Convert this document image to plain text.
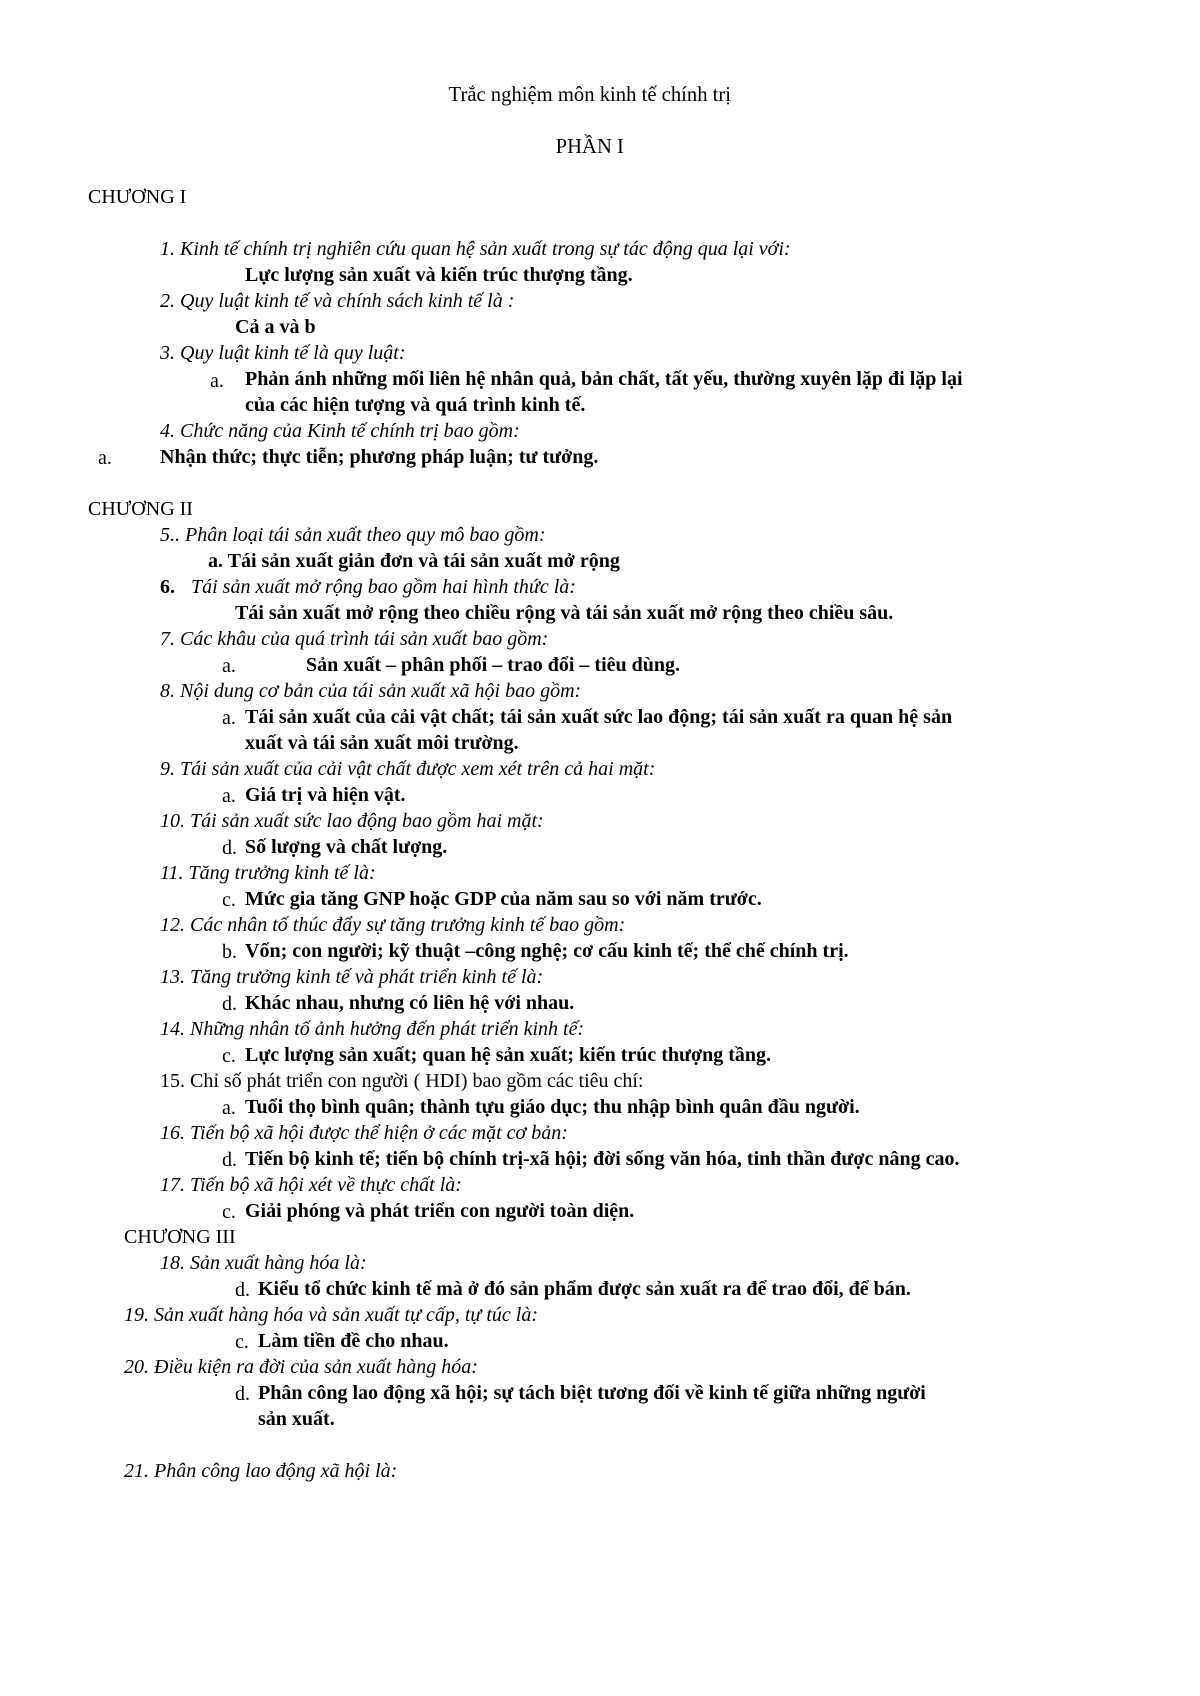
Trắc nghiệm môn kinh tế chính trị
PHẦN I
CHƯƠNG I
1. Kinh tế chính trị nghiên cứu quan hệ sản xuất trong sự tác động qua lại với:
Lực lượng sản xuất và kiến trúc thượng tầng.
2. Quy luật kinh tế và chính sách kinh tế là :
Cả a và b
3. Quy luật kinh tế là quy luật:
a. Phản ánh những mối liên hệ nhân quả, bản chất, tất yếu, thường xuyên lặp đi lặp lại
của các hiện tượng và quá trình kinh tế.
4. Chức năng của Kinh tế chính trị bao gồm:
a. Nhận thức; thực tiễn; phương pháp luận; tư tưởng.
CHƯƠNG II
5.. Phân loại tái sản xuất theo quy mô bao gồm:
a. Tái sản xuất giản đơn và tái sản xuất mở rộng
6. Tái sản xuất mở rộng bao gồm hai hình thức là:
Tái sản xuất mở rộng theo chiều rộng và tái sản xuất mở rộng theo chiều sâu.
7. Các khâu của quá trình tái sản xuất bao gồm:
a.	Sản xuất – phân phối – trao đổi – tiêu dùng.
8. Nội dung cơ bản của tái sản xuất xã hội bao gồm:
a. Tái sản xuất của cải vật chất; tái sản xuất sức lao động; tái sản xuất ra quan hệ sản
xuất và tái sản xuất môi trường.
9. Tái sản xuất của cải vật chất được xem xét trên cả hai mặt:
a. Giá trị và hiện vật.
10. Tái sản xuất sức lao động bao gồm hai mặt:
d. Số lượng và chất lượng.
11. Tăng trưởng kinh tế là:
c. Mức gia tăng GNP hoặc GDP của năm sau so với năm trước.
12. Các nhân tố thúc đẩy sự tăng trưởng kinh tế bao gồm:
b. Vốn; con người; kỹ thuật –công nghệ; cơ cấu kinh tế; thể chế chính trị.
13. Tăng trưởng kinh tế và phát triển kinh tế là:
d. Khác nhau, nhưng có liên hệ với nhau.
14. Những nhân tố ảnh hưởng đến phát triển kinh tế:
c. Lực lượng sản xuất; quan hệ sản xuất; kiến trúc thượng tầng.
15. Chỉ số phát triển con người ( HDI) bao gồm các tiêu chí:
a. Tuổi thọ bình quân; thành tựu giáo dục; thu nhập bình quân đầu người.
16. Tiến bộ xã hội được thể hiện ở các mặt cơ bản:
d. Tiến bộ kinh tế; tiến bộ chính trị-xã hội; đời sống văn hóa, tinh thần được nâng cao.
17. Tiến bộ xã hội xét về thực chất là:
c. Giải phóng và phát triển con người toàn diện.
CHƯƠNG III
18. Sản xuất hàng hóa là:
d. Kiểu tổ chức kinh tế mà ở đó sản phẩm được sản xuất ra để trao đổi, để bán.
19. Sản xuất hàng hóa và sản xuất tự cấp, tự túc là:
c. Làm tiền đề cho nhau.
20. Điều kiện ra đời của sản xuất hàng hóa:
d. Phân công lao động xã hội; sự tách biệt tương đối về kinh tế giữa những người
sản xuất.
21. Phân công lao động xã hội là:
